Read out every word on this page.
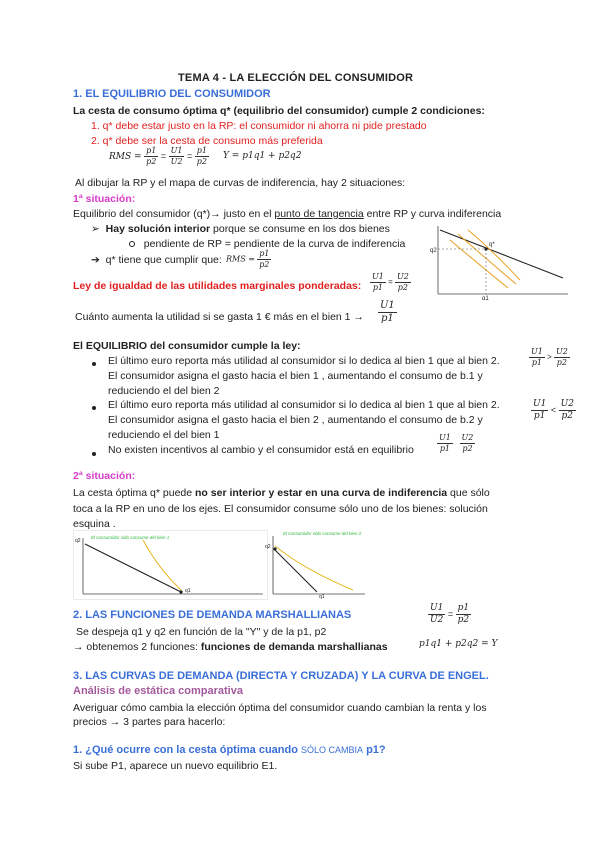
TEMA 4 - LA ELECCIÓN DEL CONSUMIDOR
1. EL EQUILIBRIO DEL CONSUMIDOR
La cesta de consumo óptima q* (equilibrio del consumidor) cumple 2 condiciones:
1. q* debe estar justo en la RP: el consumidor ni ahorra ni pide prestado
2. q* debe ser la cesta de consumo más preferida
RMS = $\frac{p1}{p2} = \frac{U1}{U2} = \frac{p1}{p2}$ Y = p1q1 + p2q2
Al dibujar la RP y el mapa de curvas de indiferencia, hay 2 situaciones:
1ª situación:
Equilibrio del consumidor (q*)→ justo en el punto de tangencia entre RP y curva indiferencia
➢ Hay solución interior porque se consume en los dos bienes
pendiente de RP = pendiente de la curva de indiferencia
➔ q* tiene que cumplir que: RMS = $\frac{p1}{p2}$
q*
q2
q1
Ley de igualdad de las utilidades marginales ponderadas: $\frac{U1}{p1} = \frac{U2}{p2}$
Cuánto aumenta la utilidad si se gasta 1 € más en el bien $1 \to \frac{U1}{p1}$
El EQUILIBRIO del consumidor cumple la ley:
El último euro reporta más utilidad al consumidor si lo dedica al bien 1 que al bien 2.
El consumidor asigna el gasto hacia el bien 1 , aumentando el consumo de b.1 y
reduciendo el del bien 2
$\frac{U1}{p1} > \frac{U2}{p2}$
El último euro reporta más utilidad al consumidor si lo dedica al bien 1 que al bien 2.
El consumidor asigna el gasto hacia el bien 2 , aumentando el consumo de b.2 y
reduciendo el del bien 1
$\frac{U1}{p1} < \frac{U2}{p2}$
No existen incentivos al cambio y el consumidor está en equilibrio	$\frac{U1}{p1}$
$\frac{U2}{p2}$
2ª situación:
La cesta óptima q* puede no ser interior y estar en una curva de indiferencia que sólo
toca a la RP en uno de los ejes. El consumidor consume sólo uno de los bienes: solución
esquina .
El consumidor sólo consume del bien 1
q2
q1
El consumidor sólo consume del bien 2
q2
q1
2. LAS FUNCIONES DE DEMANDA MARSHALLIANAS
Se despeja q1 y q2 en función de la "Y" y de la p1, p2
→ obtenemos 2 funciones: funciones de demanda marshallianas
$\frac{U1}{U2} = \frac{p1}{p2}$
p1q1 + p2q2 = Y
3. LAS CURVAS DE DEMANDA (DIRECTA Y CRUZADA) Y LA CURVA DE ENGEL.
Análisis de estática comparativa
Averiguar cómo cambia la elección óptima del consumidor cuando cambian la renta y los
precios → 3 partes para hacerlo:
1. ¿Qué ocurre con la cesta óptima cuando SÓLO CAMBIA p1?
Si sube P1, aparece un nuevo equilibrio E1.
